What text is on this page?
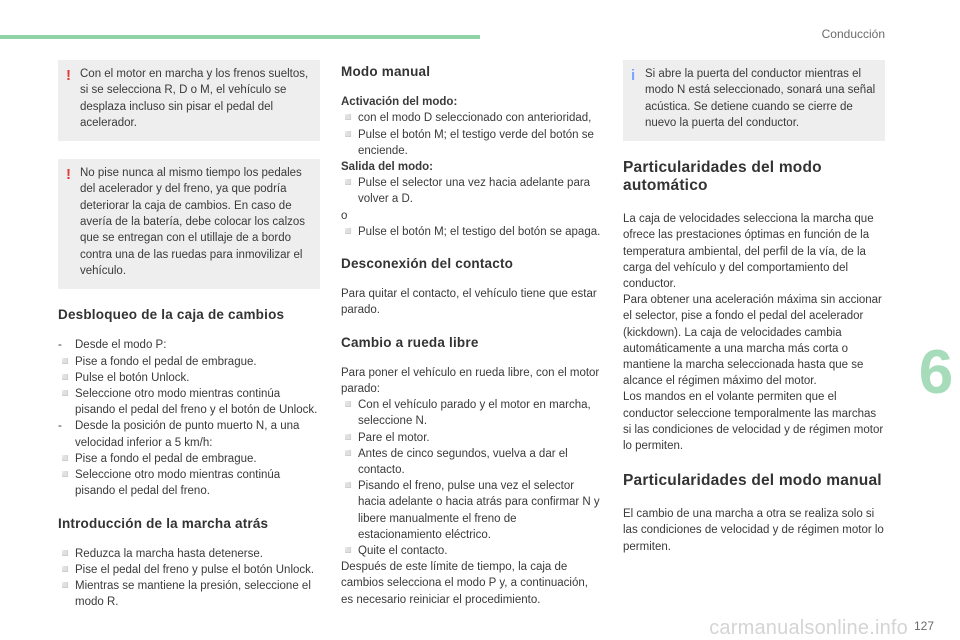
Conducción
6
carmanualsonline.info 127
! Con el motor en marcha y los frenos sueltos, si se selecciona R, D o M, el vehículo se desplaza incluso sin pisar el pedal del acelerador.

! No pise nunca al mismo tiempo los pedales del acelerador y del freno, ya que podría deteriorar la caja de cambios. En caso de avería de la batería, debe colocar los calzos que se entregan con el utillaje de a bordo contra una de las ruedas para inmovilizar el vehículo.

Desbloqueo de la caja de cambios
- Desde el modo P:
◽ Pise a fondo el pedal de embrague.
◽ Pulse el botón Unlock.
◽ Seleccione otro modo mientras continúa pisando el pedal del freno y el botón de Unlock.
- Desde la posición de punto muerto N, a una velocidad inferior a 5 km/h:
◽ Pise a fondo el pedal de embrague.
◽ Seleccione otro modo mientras continúa pisando el pedal del freno.
Introducción de la marcha atrás
◽ Reduzca la marcha hasta detenerse.
◽ Pise el pedal del freno y pulse el botón Unlock.
◽ Mientras se mantiene la presión, seleccione el modo R.
Modo manual

Activación del modo:

◽ con el modo D seleccionado con anterioridad,
◽ Pulse el botón M; el testigo verde del botón se enciende.

Salida del modo:

◽ Pulse el selector una vez hacia adelante para volver a D.

o

◽ Pulse el botón M; el testigo del botón se apaga.
Desconexión del contacto

Para quitar el contacto, el vehículo tiene que estar parado.

Cambio a rueda libre

Para poner el vehículo en rueda libre, con el motor parado:

◽ Con el vehículo parado y el motor en marcha, seleccione N.
◽ Pare el motor.
◽ Antes de cinco segundos, vuelva a dar el contacto.
◽ Pisando el freno, pulse una vez el selector hacia adelante o hacia atrás para confirmar N y libere manualmente el freno de estacionamiento eléctrico.
◽ Quite el contacto.

Después de este límite de tiempo, la caja de cambios selecciona el modo P y, a continuación, es necesario reiniciar el procedimiento.

i Si abre la puerta del conductor mientras el modo N está seleccionado, sonará una señal acústica. Se detiene cuando se cierre de nuevo la puerta del conductor.

Particularidades del modo automático

La caja de velocidades selecciona la marcha que ofrece las prestaciones óptimas en función de la temperatura ambiental, del perfil de la vía, de la carga del vehículo y del comportamiento del conductor.

Para obtener una aceleración máxima sin accionar el selector, pise a fondo el pedal del acelerador (kickdown). La caja de velocidades cambia automáticamente a una marcha más corta o mantiene la marcha seleccionada hasta que se alcance el régimen máximo del motor.

Los mandos en el volante permiten que el conductor seleccione temporalmente las marchas si las condiciones de velocidad y de régimen motor lo permiten.

Particularidades del modo manual

El cambio de una marcha a otra se realiza solo si las condiciones de velocidad y de régimen motor lo permiten.
